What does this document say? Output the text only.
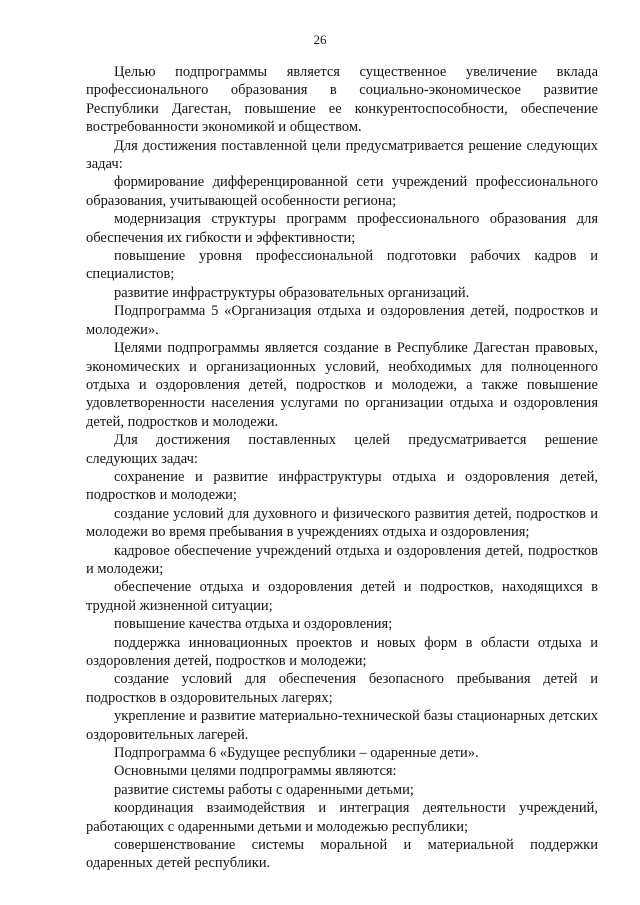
26

Целью подпрограммы является существенное увеличение вклада профессионального образования в социально-экономическое развитие Республики Дагестан, повышение ее конкурентоспособности, обеспечение востребованности экономикой и обществом.

Для достижения поставленной цели предусматривается решение следующих задач:

формирование дифференцированной сети учреждений профессионального образования, учитывающей особенности региона;

модернизация структуры программ профессионального образования для обеспечения их гибкости и эффективности;

повышение уровня профессиональной подготовки рабочих кадров и специалистов;

развитие инфраструктуры образовательных организаций.

Подпрограмма 5 «Организация отдыха и оздоровления детей, подростков и молодежи».

Целями подпрограммы является создание в Республике Дагестан правовых, экономических и организационных условий, необходимых для полноценного отдыха и оздоровления детей, подростков и молодежи, а также повышение удовлетворенности населения услугами по организации отдыха и оздоровления детей, подростков и молодежи.

Для достижения поставленных целей предусматривается решение следующих задач:

сохранение и развитие инфраструктуры отдыха и оздоровления детей, подростков и молодежи;

создание условий для духовного и физического развития детей, подростков и молодежи во время пребывания в учреждениях отдыха и оздоровления;

кадровое обеспечение учреждений отдыха и оздоровления детей, подростков и молодежи;

обеспечение отдыха и оздоровления детей и подростков, находящихся в трудной жизненной ситуации;

повышение качества отдыха и оздоровления;

поддержка инновационных проектов и новых форм в области отдыха и оздоровления детей, подростков и молодежи;

создание условий для обеспечения безопасного пребывания детей и подростков в оздоровительных лагерях;

укрепление и развитие материально-технической базы стационарных детских оздоровительных лагерей.

Подпрограмма 6 «Будущее республики – одаренные дети».

Основными целями подпрограммы являются:

развитие системы работы с одаренными детьми;

координация взаимодействия и интеграция деятельности учреждений, работающих с одаренными детьми и молодежью республики;

совершенствование системы моральной и материальной поддержки одаренных детей республики.
